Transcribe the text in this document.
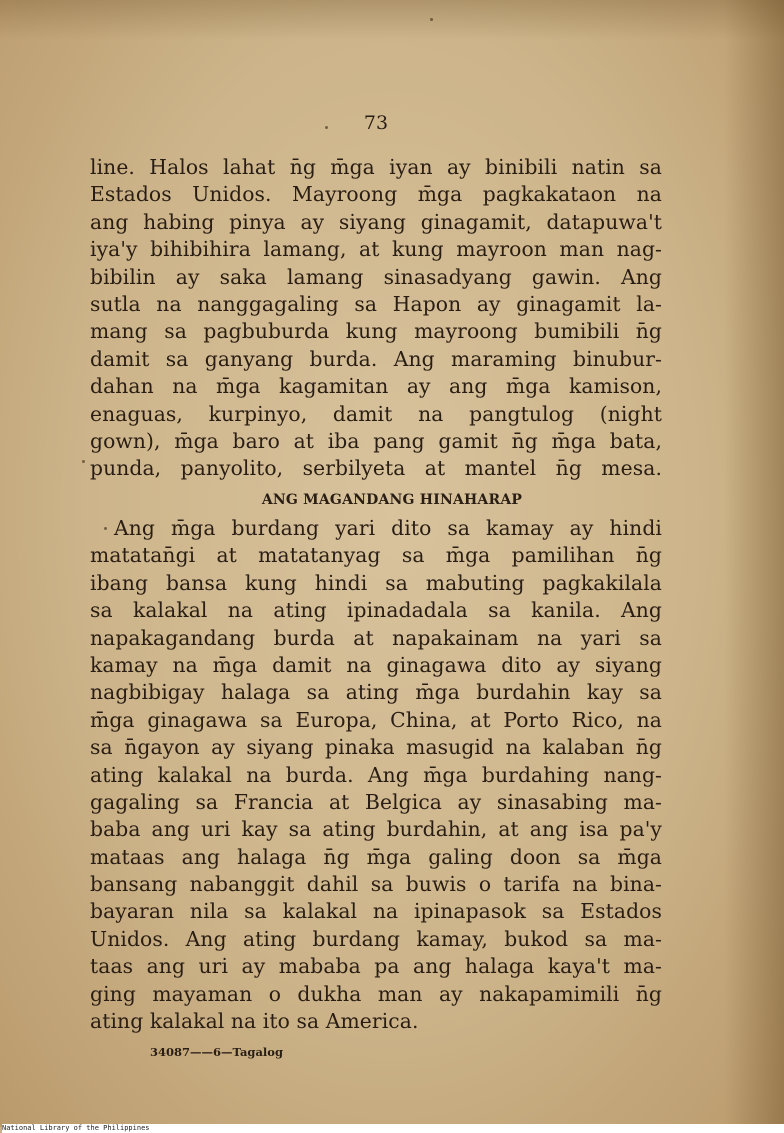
73
line. Halos lahat n̄g m̄ga iyan ay binibili natin sa
Estados Unidos. Mayroong m̄ga pagkakataon na
ang habing pinya ay siyang ginagamit, datapuwa't
iya'y bihibihira lamang, at kung mayroon man nag-
bibilin ay saka lamang sinasadyang gawin. Ang
sutla na nanggagaling sa Hapon ay ginagamit la-
mang sa pagbuburda kung mayroong bumibili n̄g
damit sa ganyang burda. Ang maraming binubur-
dahan na m̄ga kagamitan ay ang m̄ga kamison,
enaguas, kurpinyo, damit na pangtulog (night
gown), m̄ga baro at iba pang gamit n̄g m̄ga bata,
punda, panyolito, serbilyeta at mantel n̄g mesa.
ANG MAGANDANG HINAHARAP
Ang m̄ga burdang yari dito sa kamay ay hindi
matatan̄gi at matatanyag sa m̄ga pamilihan n̄g
ibang bansa kung hindi sa mabuting pagkakilala
sa kalakal na ating ipinadadala sa kanila. Ang
napakagandang burda at napakainam na yari sa
kamay na m̄ga damit na ginagawa dito ay siyang
nagbibigay halaga sa ating m̄ga burdahin kay sa
m̄ga ginagawa sa Europa, China, at Porto Rico, na
sa n̄gayon ay siyang pinaka masugid na kalaban n̄g
ating kalakal na burda. Ang m̄ga burdahing nang-
gagaling sa Francia at Belgica ay sinasabing ma-
baba ang uri kay sa ating burdahin, at ang isa pa'y
mataas ang halaga n̄g m̄ga galing doon sa m̄ga
bansang nabanggit dahil sa buwis o tarifa na bina-
bayaran nila sa kalakal na ipinapasok sa Estados
Unidos. Ang ating burdang kamay, bukod sa ma-
taas ang uri ay mababa pa ang halaga kaya't ma-
ging mayaman o dukha man ay nakapamimili n̄g
ating kalakal na ito sa America.
34087——6—Tagalog
National Library of the Philippines
